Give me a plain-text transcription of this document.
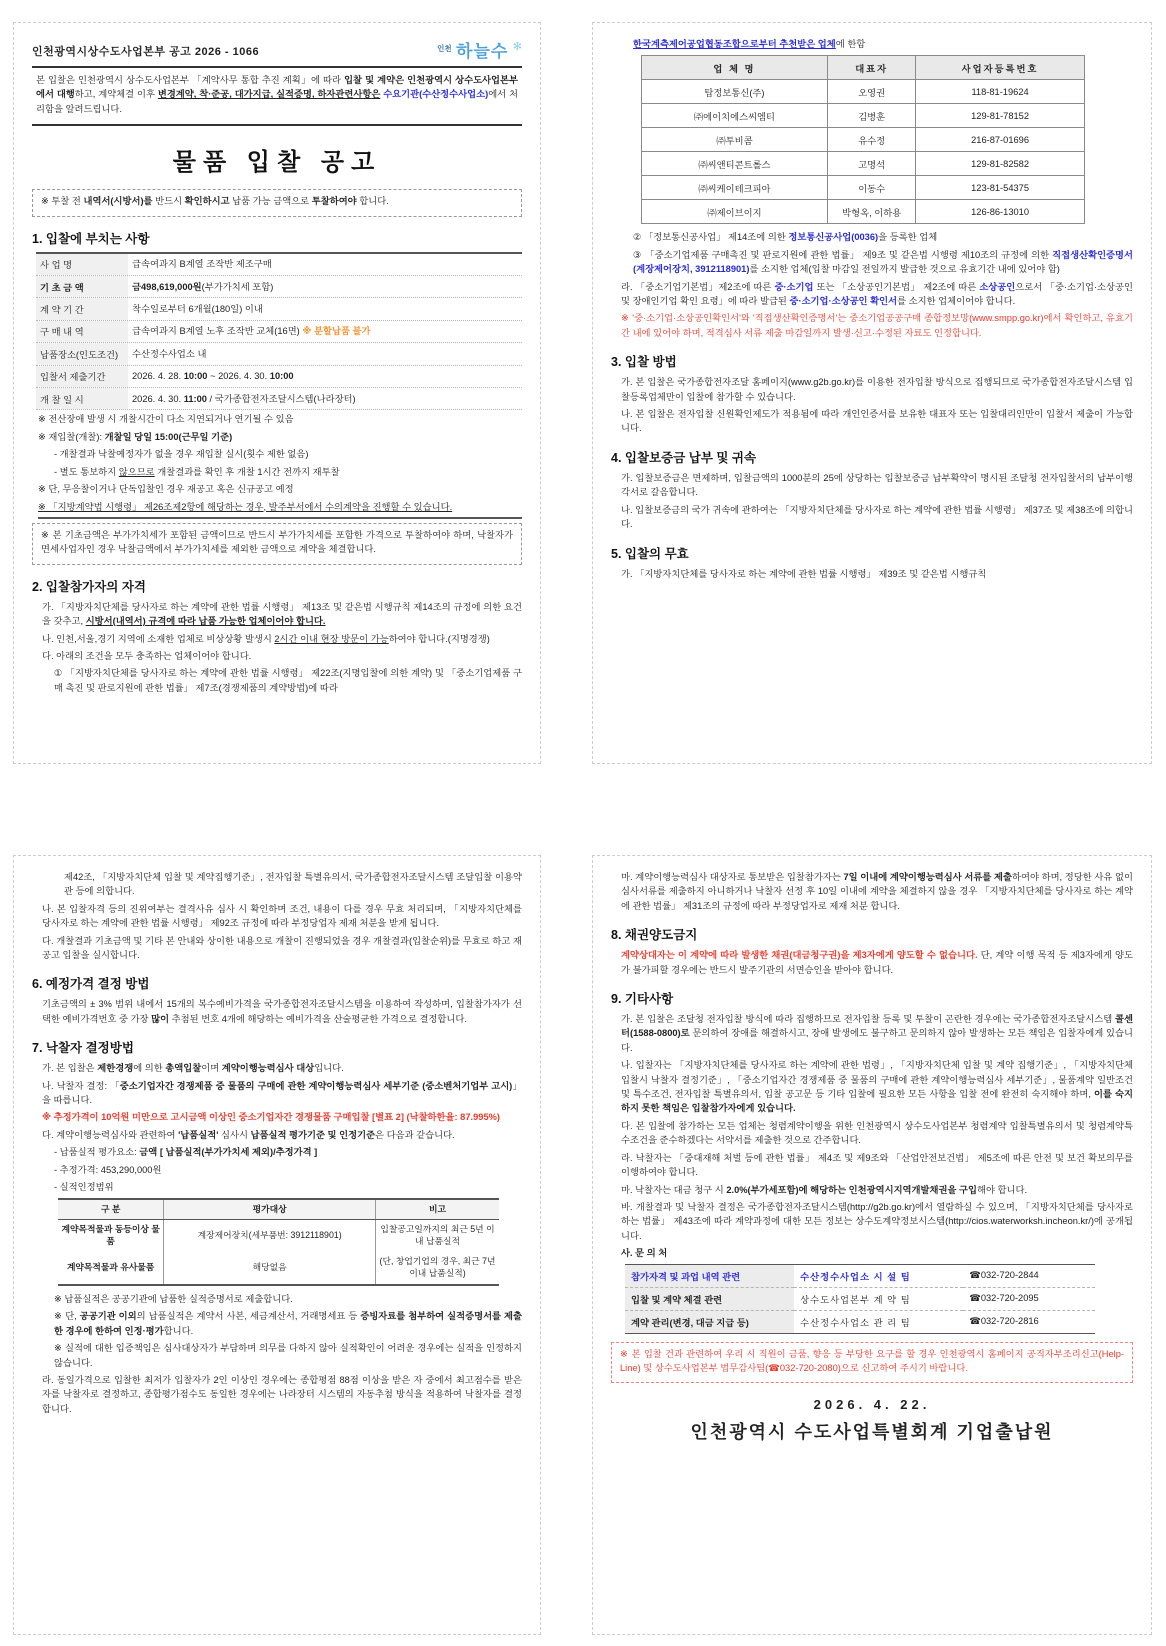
인천광역시상수도사업본부 공고 2026 - 1066	$^{인천}$ 하늘수 ✻

본 입찰은 인천광역시 상수도사업본부 「계약사무 통합 추진 계획」에 따라 입찰 및 계약은 인천광역시 상수도사업본부에서 대행하고, 계약체결 이후 변경계약, 착·준공, 대가지급, 실적증명, 하자관련사항은 수요기관(수산정수사업소)에서 처리함을 알려드립니다.

물품 입찰 공고

※ 투찰 전 내역서(시방서)를 반드시 확인하시고 납품 가능 금액으로 투찰하여야 합니다.

1. 입찰에 부치는 사항
사 업 명	급속여과지 B계열 조작반 제조구매

기 초 금 액	금498,619,000원(부가가치세 포함)

계 약 기 간	착수일로부터 6개월(180일) 이내

구 매 내 역	급속여과지 B계열 노후 조작반 교체(16면) ※ 분할납품 불가

납품장소(인도조건)	수산정수사업소 내

입찰서 제출기간	2026. 4. 28. 10:00 ~ 2026. 4. 30. 10:00

개 찰 일 시	2026. 4. 30. 11:00 / 국가종합전자조달시스템(나라장터)

※ 전산장애 발생 시 개찰시간이 다소 지연되거나 연기될 수 있음

※ 재입찰(개찰): 개찰일 당일 15:00(근무일 기준)

- 개찰결과 낙찰예정자가 없을 경우 재입찰 실시(횟수 제한 없음)

- 별도 통보하지 않으므로 개찰결과를 확인 후 개찰 1시간 전까지 재투찰

※ 단, 무응찰이거나 단독입찰인 경우 재공고 혹은 신규공고 예정

※ 「지방계약법 시행령」 제26조제2항에 해당하는 경우, 발주부서에서 수의계약을 진행할 수 있습니다.

※ 본 기초금액은 부가가치세가 포함된 금액이므로 반드시 부가가치세를 포함한 가격으로 투찰하여야 하며, 낙찰자가 면세사업자인 경우 낙찰금액에서 부가가치세를 제외한 금액으로 계약을 체결합니다.

2. 입찰참가자의 자격

가. 「지방자치단체를 당사자로 하는 계약에 관한 법률 시행령」 제13조 및 같은법 시행규칙 제14조의 규정에 의한 요건을 갖추고, 시방서(내역서) 규격에 따라 납품 가능한 업체이어야 합니다.

나. 인천,서울,경기 지역에 소재한 업체로 비상상황 발생시 2시간 이내 현장 방문이 가능하여야 합니다.(지명경쟁)

다. 아래의 조건을 모두 충족하는 업체이어야 합니다.

① 「지방자치단체를 당사자로 하는 계약에 관한 법률 시행령」 제22조(지명입찰에 의한 계약) 및 「중소기업제품 구매 촉진 및 판로지원에 관한 법률」 제7조(경쟁제품의 계약방법)에 따라

한국계측제어공업협동조합으로부터 추천받은 업체에 한함

업 체 명	대표자	사업자등록번호
탑정보통신(주)	오영권	118-81-19624
㈜에이치에스씨엠티	김병훈	129-81-78152
㈜투비콤	유수정	216-87-01696
㈜씨앤티콘트롤스	고명석	129-81-82582
㈜씨케이테크피아	이동수	123-81-54375
㈜제이브이지	박형옥, 이하용	126-86-13010

② 「정보통신공사업」 제14조에 의한 정보통신공사업(0036)을 등록한 업체

③ 「중소기업제품 구매촉진 및 판로지원에 관한 법률」 제9조 및 같은법 시행령 제10조의 규정에 의한 직접생산확인증명서(계장제어장치, 3912118901)를 소지한 업체(입찰 마감일 전일까지 발급한 것으로 유효기간 내에 있어야 함)

라. 「중소기업기본법」제2조에 따른 중·소기업 또는 「소상공인기본법」 제2조에 따른 소상공인으로서 「중·소기업·소상공인 및 장애인기업 확인 요령」에 따라 발급된 중·소기업·소상공인 확인서를 소지한 업체이어야 합니다.

※ '중·소기업·소상공인확인서'와 '직접생산확인증명서'는 중소기업공공구매 종합정보망(www.smpp.go.kr)에서 확인하고, 유효기간 내에 있어야 하며, 적격심사 서류 제출 마감일까지 발생·신고·수정된 자료도 인정합니다.

3. 입찰 방법

가. 본 입찰은 국가종합전자조달 홈페이지(www.g2b.go.kr)를 이용한 전자입찰 방식으로 집행되므로 국가종합전자조달시스템 입찰등록업체만이 입찰에 참가할 수 있습니다.

나. 본 입찰은 전자입찰 신원확인제도가 적용됨에 따라 개인인증서를 보유한 대표자 또는 입찰대리인만이 입찰서 제출이 가능합니다.

4. 입찰보증금 납부 및 귀속

가. 입찰보증금은 면제하며, 입찰금액의 1000분의 25에 상당하는 입찰보증금 납부확약이 명시된 조달청 전자입찰서의 납부이행각서로 갈음합니다.

나. 입찰보증금의 국가 귀속에 관하여는 「지방자치단체를 당사자로 하는 계약에 관한 법률 시행령」 제37조 및 제38조에 의합니다.

5. 입찰의 무효

가. 「지방자치단체를 당사자로 하는 계약에 관한 법률 시행령」 제39조 및 같은법 시행규칙

제42조, 「지방자치단체 입찰 및 계약집행기준」, 전자입찰 특별유의서, 국가종합전자조달시스템 조달입찰 이용약관 등에 의합니다.

나. 본 입찰자격 등의 진위여부는 결격사유 심사 시 확인하며 조건, 내용이 다를 경우 무효 처리되며, 「지방자치단체를 당사자로 하는 계약에 관한 법률 시행령」 제92조 규정에 따라 부정당업자 제재 처분을 받게 됩니다.

다. 개찰결과 기초금액 및 기타 본 안내와 상이한 내용으로 개찰이 진행되었을 경우 개찰결과(입찰순위)를 무효로 하고 재공고 입찰을 실시합니다.

6. 예정가격 결정 방법

기초금액의 ± 3% 범위 내에서 15개의 복수예비가격을 국가종합전자조달시스템을 이용하여 작성하며, 입찰참가자가 선택한 예비가격번호 중 가장 많이 추첨된 번호 4개에 해당하는 예비가격을 산술평균한 가격으로 결정합니다.

7. 낙찰자 결정방법

가. 본 입찰은 제한경쟁에 의한 총액입찰이며 계약이행능력심사 대상입니다.

나. 낙찰자 결정: 「중소기업자간 경쟁제품 중 물품의 구매에 관한 계약이행능력심사 세부기준 (중소벤처기업부 고시)」을 따릅니다.

※ 추정가격이 10억원 미만으로 고시금액 이상인 중소기업자간 경쟁물품 구매입찰 [별표 2] (낙찰하한율: 87.995%)

다. 계약이행능력심사와 관련하여 '납품실적' 심사시 납품실적 평가기준 및 인정기준은 다음과 같습니다.

- 납품실적 평가요소: 금액 [ 납품실적(부가가치세 제외)/추정가격 ]

- 추정가격: 453,290,000원

- 실적인정범위

구 분	평가대상	비고
계약목적물과 동등이상 물품	계장제어장치(세부품번: 3912118901)	입찰공고일까지의 최근 5년 이내 납품실적
계약목적물과 유사물품	해당없음	(단, 창업기업의 경우, 최근 7년 이내 납품실적)

※ 납품실적은 공공기관에 납품한 실적증명서로 제출합니다.

※ 단, 공공기관 이외의 납품실적은 계약서 사본, 세금계산서, 거래명세표 등 증빙자료를 첨부하여 실적증명서를 제출한 경우에 한하여 인정·평가합니다.

※ 실적에 대한 입증책임은 심사대상자가 부담하며 의무를 다하지 않아 실적확인이 어려운 경우에는 실적을 인정하지 않습니다.

라. 동일가격으로 입찰한 최저가 입찰자가 2인 이상인 경우에는 종합평점 88점 이상을 받은 자 중에서 최고점수를 받은 자를 낙찰자로 결정하고, 종합평가점수도 동일한 경우에는 나라장터 시스템의 자동추첨 방식을 적용하여 낙찰자를 결정합니다.

마. 계약이행능력심사 대상자로 통보받은 입찰참가자는 7일 이내에 계약이행능력심사 서류를 제출하여야 하며, 정당한 사유 없이 심사서류를 제출하지 아니하거나 낙찰자 선정 후 10일 이내에 계약을 체결하지 않을 경우 「지방자치단체를 당사자로 하는 계약에 관한 법률」 제31조의 규정에 따라 부정당업자로 제재 처분 합니다.

8. 채권양도금지

계약상대자는 이 계약에 따라 발생한 채권(대금청구권)을 제3자에게 양도할 수 없습니다. 단, 계약 이행 목적 등 제3자에게 양도가 불가피할 경우에는 반드시 발주기관의 서면승인을 받아야 합니다.

9. 기타사항

가. 본 입찰은 조달청 전자입찰 방식에 따라 집행하므로 전자입찰 등록 및 투찰이 곤란한 경우에는 국가종합전자조달시스템 콜센터(1588-0800)로 문의하여 장애를 해결하시고, 장애 발생에도 불구하고 문의하지 않아 발생하는 모든 책임은 입찰자에게 있습니다.

나. 입찰자는 「지방자치단체를 당사자로 하는 계약에 관한 법령」, 「지방자치단체 입찰 및 계약 집행기준」, 「지방자치단체 입찰시 낙찰자 결정기준」, 「중소기업자간 경쟁제품 중 물품의 구매에 관한 계약이행능력심사 세부기준」, 물품계약 일반조건 및 특수조건, 전자입찰 특별유의서, 입찰 공고문 등 기타 입찰에 필요한 모든 사항을 입찰 전에 완전히 숙지해야 하며, 이를 숙지하지 못한 책임은 입찰참가자에게 있습니다.

다. 본 입찰에 참가하는 모든 업체는 청렴계약이행을 위한 인천광역시 상수도사업본부 청렴계약 입찰특별유의서 및 청렴계약특수조건을 준수하겠다는 서약서를 제출한 것으로 간주합니다.

라. 낙찰자는 「중대재해 처벌 등에 관한 법률」 제4조 및 제9조와 「산업안전보건법」 제5조에 따른 안전 및 보건 확보의무를 이행하여야 합니다.

마. 낙찰자는 대금 청구 시 2.0%(부가세포함)에 해당하는 인천광역시지역개발채권을 구입해야 합니다.

바. 개찰결과 및 낙찰자 결정은 국가종합전자조달시스템(http://g2b.go.kr)에서 열람하실 수 있으며, 「지방자치단체를 당사자로 하는 법률」 제43조에 따라 계약과정에 대한 모든 정보는 상수도계약정보시스템(http://cios.waterworksh.incheon.kr/)에 공개됩니다.

사. 문 의 처

참가자격 및 과업 내역 관련	수산정수사업소 시 설 팀	☎032-720-2844
입찰 및 계약 체결 관련	상수도사업본부 계 약 팀	☎032-720-2095
계약 관리(변경, 대금 지급 등)	수산정수사업소 관 리 팀	☎032-720-2816

※ 본 입찰 건과 관련하여 우리 시 직원이 금품, 향응 등 부당한 요구를 할 경우 인천광역시 홈페이지 공직자부조리신고(Help-Line) 및 상수도사업본부 법무감사팀(☎032-720-2080)으로 신고하여 주시기 바랍니다.

2026. 4. 22.
인천광역시 수도사업특별회계 기업출납원
